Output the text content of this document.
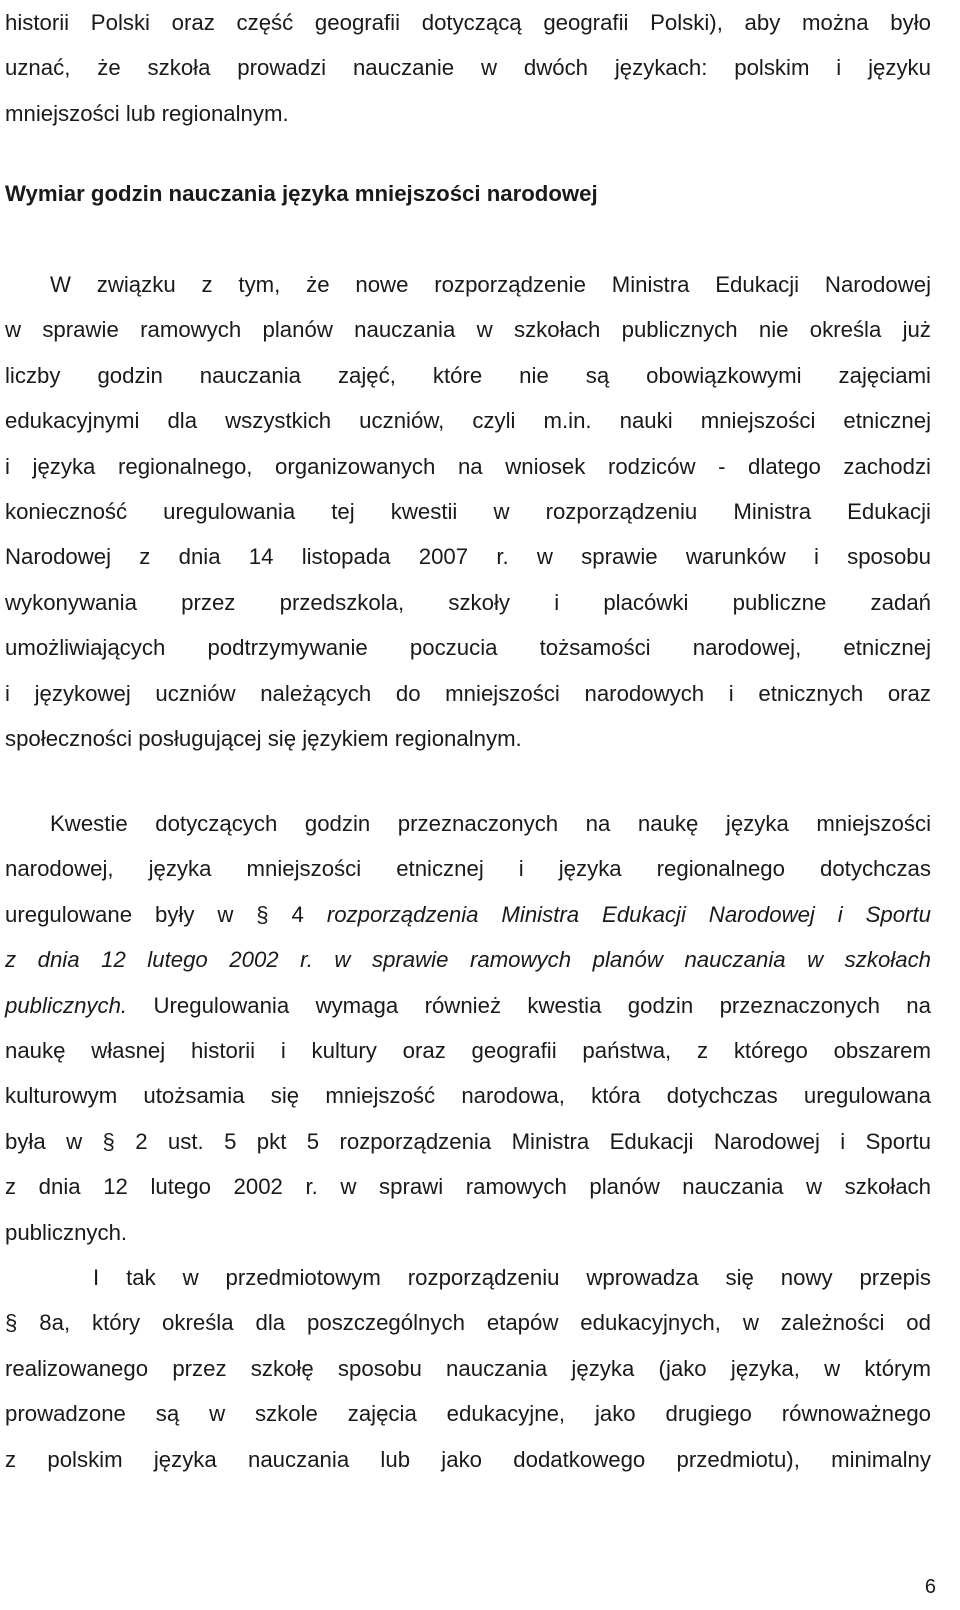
historii Polski oraz część geografii dotyczącą geografii Polski), aby można było
uznać, że szkoła prowadzi nauczanie w dwóch językach: polskim i języku
mniejszości lub regionalnym.
Wymiar godzin nauczania języka mniejszości narodowej
W związku z tym, że nowe rozporządzenie Ministra Edukacji Narodowej
w sprawie ramowych planów nauczania w szkołach publicznych nie określa już
liczby godzin nauczania zajęć, które nie są obowiązkowymi zajęciami
edukacyjnymi dla wszystkich uczniów, czyli m.in. nauki mniejszości etnicznej
i języka regionalnego, organizowanych na wniosek rodziców - dlatego zachodzi
konieczność uregulowania tej kwestii w rozporządzeniu Ministra Edukacji
Narodowej z dnia 14 listopada 2007 r. w sprawie warunków i sposobu
wykonywania przez przedszkola, szkoły i placówki publiczne zadań
umożliwiających podtrzymywanie poczucia tożsamości narodowej, etnicznej
i językowej uczniów należących do mniejszości narodowych i etnicznych oraz
społeczności posługującej się językiem regionalnym.
Kwestie dotyczących godzin przeznaczonych na naukę języka mniejszości
narodowej, języka mniejszości etnicznej i języka regionalnego dotychczas
uregulowane były w § 4 rozporządzenia Ministra Edukacji Narodowej i Sportu
z dnia 12 lutego 2002 r. w sprawie ramowych planów nauczania w szkołach
publicznych. Uregulowania wymaga również kwestia godzin przeznaczonych na
naukę własnej historii i kultury oraz geografii państwa, z którego obszarem
kulturowym utożsamia się mniejszość narodowa, która dotychczas uregulowana
była w § 2 ust. 5 pkt 5 rozporządzenia Ministra Edukacji Narodowej i Sportu
z dnia 12 lutego 2002 r. w sprawi ramowych planów nauczania w szkołach
publicznych.
I tak w przedmiotowym rozporządzeniu wprowadza się nowy przepis
§ 8a, który określa dla poszczególnych etapów edukacyjnych, w zależności od
realizowanego przez szkołę sposobu nauczania języka (jako języka, w którym
prowadzone są w szkole zajęcia edukacyjne, jako drugiego równoważnego
z polskim języka nauczania lub jako dodatkowego przedmiotu), minimalny
6
